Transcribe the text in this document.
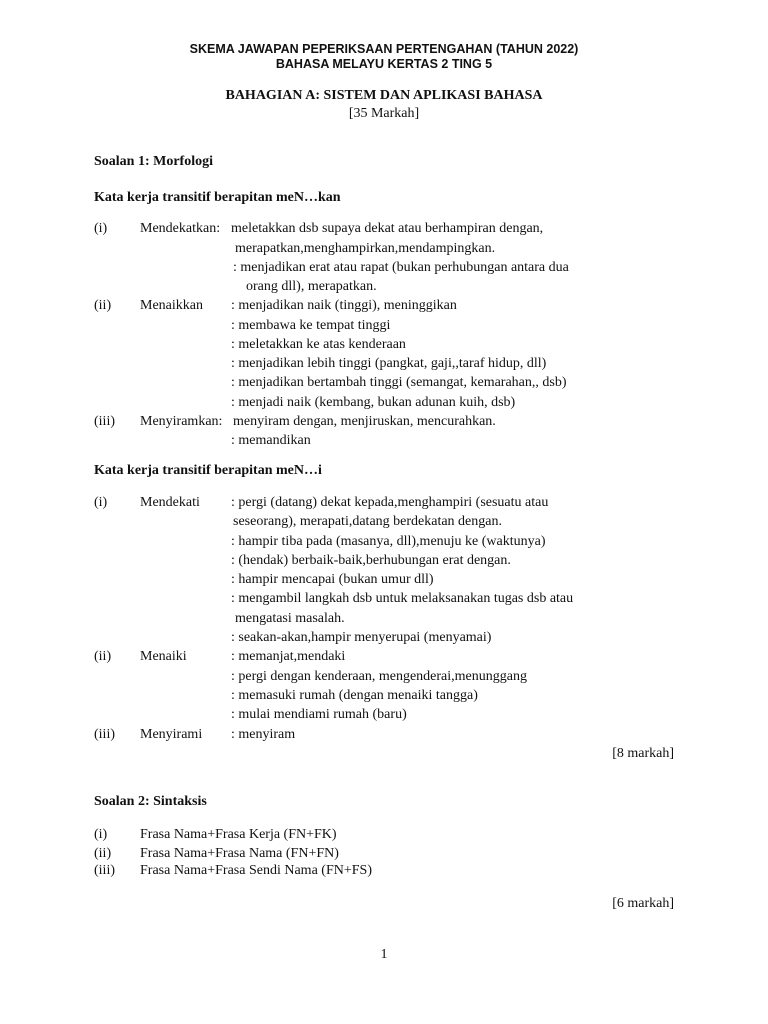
SKEMA JAWAPAN PEPERIKSAAN PERTENGAHAN (TAHUN 2022)
BAHASA MELAYU KERTAS 2 TING 5
BAHAGIAN A: SISTEM DAN APLIKASI BAHASA
[35 Markah]
Soalan 1: Morfologi
Kata kerja transitif berapitan meN…kan
(i) Mendekatkan: meletakkan dsb supaya dekat atau berhampiran dengan,
merapatkan,menghampirkan,mendampingkan.
: menjadikan erat atau rapat (bukan perhubungan antara dua
orang dll), merapatkan.
(ii) Menaikkan : menjadikan naik (tinggi), meninggikan
: membawa ke tempat tinggi
: meletakkan ke atas kenderaan
: menjadikan lebih tinggi (pangkat, gaji,,taraf hidup, dll)
: menjadikan bertambah tinggi (semangat, kemarahan,, dsb)
: menjadi naik (kembang, bukan adunan kuih, dsb)
(iii) Menyiramkan: menyiram dengan, menjiruskan, mencurahkan.
: memandikan
Kata kerja transitif berapitan meN…i
(i) Mendekati : pergi (datang) dekat kepada,menghampiri (sesuatu atau
seseorang), merapati,datang berdekatan dengan.
: hampir tiba pada (masanya, dll),menuju ke (waktunya)
: (hendak) berbaik-baik,berhubungan erat dengan.
: hampir mencapai (bukan umur dll)
: mengambil langkah dsb untuk melaksanakan tugas dsb atau
mengatasi masalah.
: seakan-akan,hampir menyerupai (menyamai)
(ii) Menaiki	: memanjat,mendaki
: pergi dengan kenderaan, mengenderai,menunggang
: memasuki rumah (dengan menaiki tangga)
: mulai mendiami rumah (baru)
(iii) Menyirami : menyiram
[8 markah]
Soalan 2: Sintaksis
(i) Frasa Nama+Frasa Kerja (FN+FK)
(ii) Frasa Nama+Frasa Nama (FN+FN)
(iii) Frasa Nama+Frasa Sendi Nama (FN+FS)
[6 markah]
1
